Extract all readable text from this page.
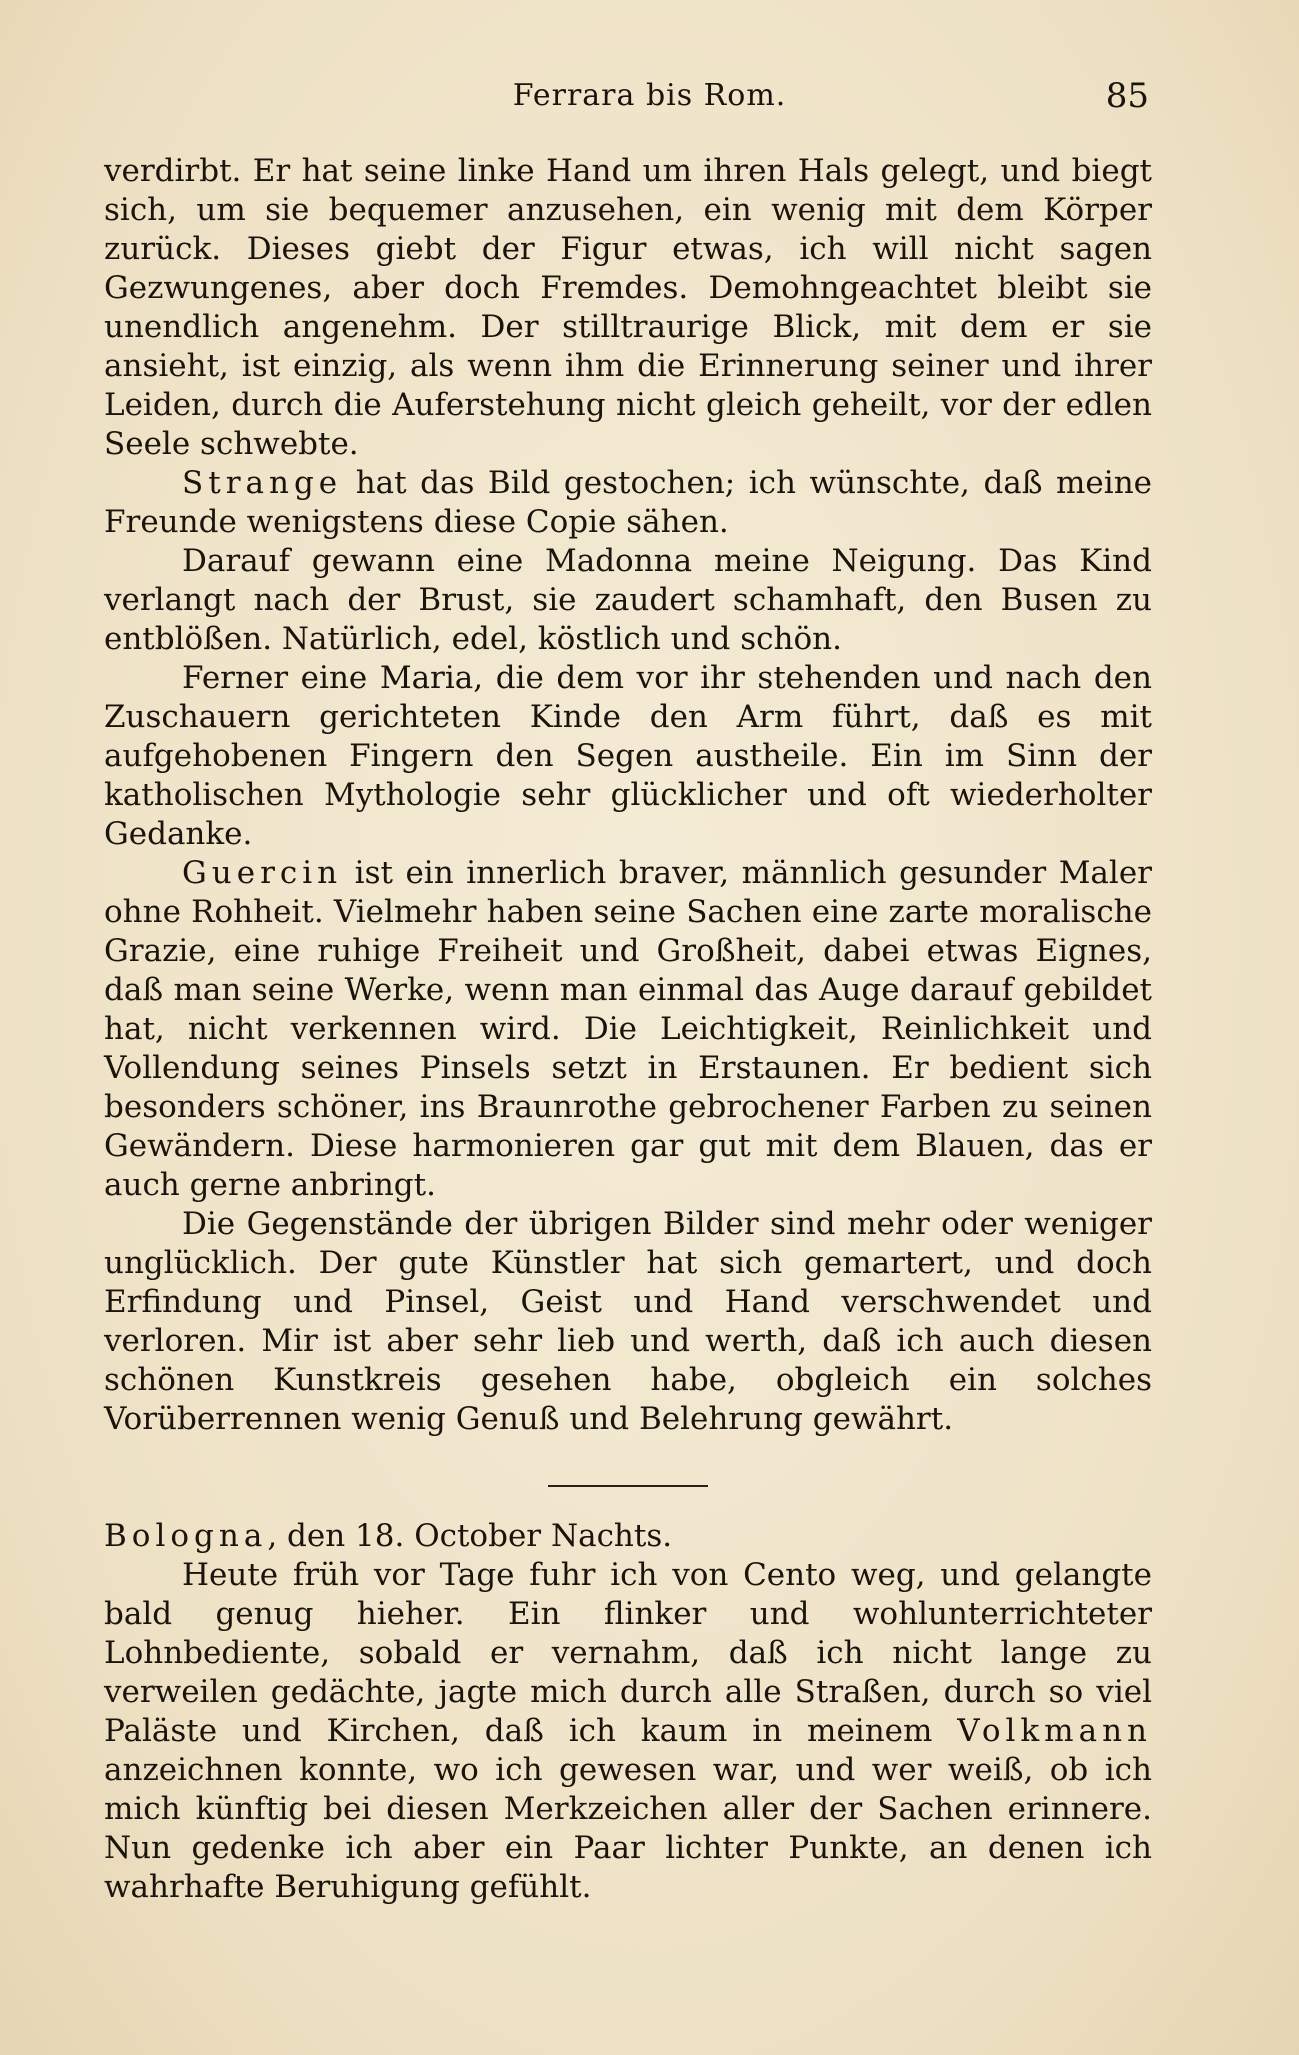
Ferrara bis Rom.	85

verdirbt. Er hat seine linke Hand um ihren Hals gelegt, und biegt sich, um sie bequemer anzusehen, ein wenig mit dem Körper zurück. Dieses giebt der Figur etwas, ich will nicht sagen Gezwungenes, aber doch Fremdes. Demohngeachtet bleibt sie unendlich angenehm. Der stilltraurige Blick, mit dem er sie ansieht, ist einzig, als wenn ihm die Erinnerung seiner und ihrer Leiden, durch die Auferstehung nicht gleich geheilt, vor der edlen Seele schwebte.

Strange hat das Bild gestochen; ich wünschte, daß meine Freunde wenigstens diese Copie sähen.

Darauf gewann eine Madonna meine Neigung. Das Kind verlangt nach der Brust, sie zaudert schamhaft, den Busen zu entblößen. Natürlich, edel, köstlich und schön.

Ferner eine Maria, die dem vor ihr stehenden und nach den Zuschauern gerichteten Kinde den Arm führt, daß es mit aufgehobenen Fingern den Segen austheile. Ein im Sinn der katholischen Mythologie sehr glücklicher und oft wiederholter Gedanke.

Guercin ist ein innerlich braver, männlich gesunder Maler ohne Rohheit. Vielmehr haben seine Sachen eine zarte moralische Grazie, eine ruhige Freiheit und Großheit, dabei etwas Eignes, daß man seine Werke, wenn man einmal das Auge darauf gebildet hat, nicht verkennen wird. Die Leichtigkeit, Reinlichkeit und Vollendung seines Pinsels setzt in Erstaunen. Er bedient sich besonders schöner, ins Braunrothe gebrochener Farben zu seinen Gewändern. Diese harmonieren gar gut mit dem Blauen, das er auch gerne anbringt.

Die Gegenstände der übrigen Bilder sind mehr oder weniger unglücklich. Der gute Künstler hat sich gemartert, und doch Erfindung und Pinsel, Geist und Hand verschwendet und verloren. Mir ist aber sehr lieb und werth, daß ich auch diesen schönen Kunstkreis gesehen habe, obgleich ein solches Vorüberrennen wenig Genuß und Belehrung gewährt.

Bologna, den 18. October Nachts.

Heute früh vor Tage fuhr ich von Cento weg, und gelangte bald genug hieher. Ein flinker und wohlunterrichteter Lohnbediente, sobald er vernahm, daß ich nicht lange zu verweilen gedächte, jagte mich durch alle Straßen, durch so viel Paläste und Kirchen, daß ich kaum in meinem Volkmann anzeichnen konnte, wo ich gewesen war, und wer weiß, ob ich mich künftig bei diesen Merkzeichen aller der Sachen erinnere. Nun gedenke ich aber ein Paar lichter Punkte, an denen ich wahrhafte Beruhigung gefühlt.
